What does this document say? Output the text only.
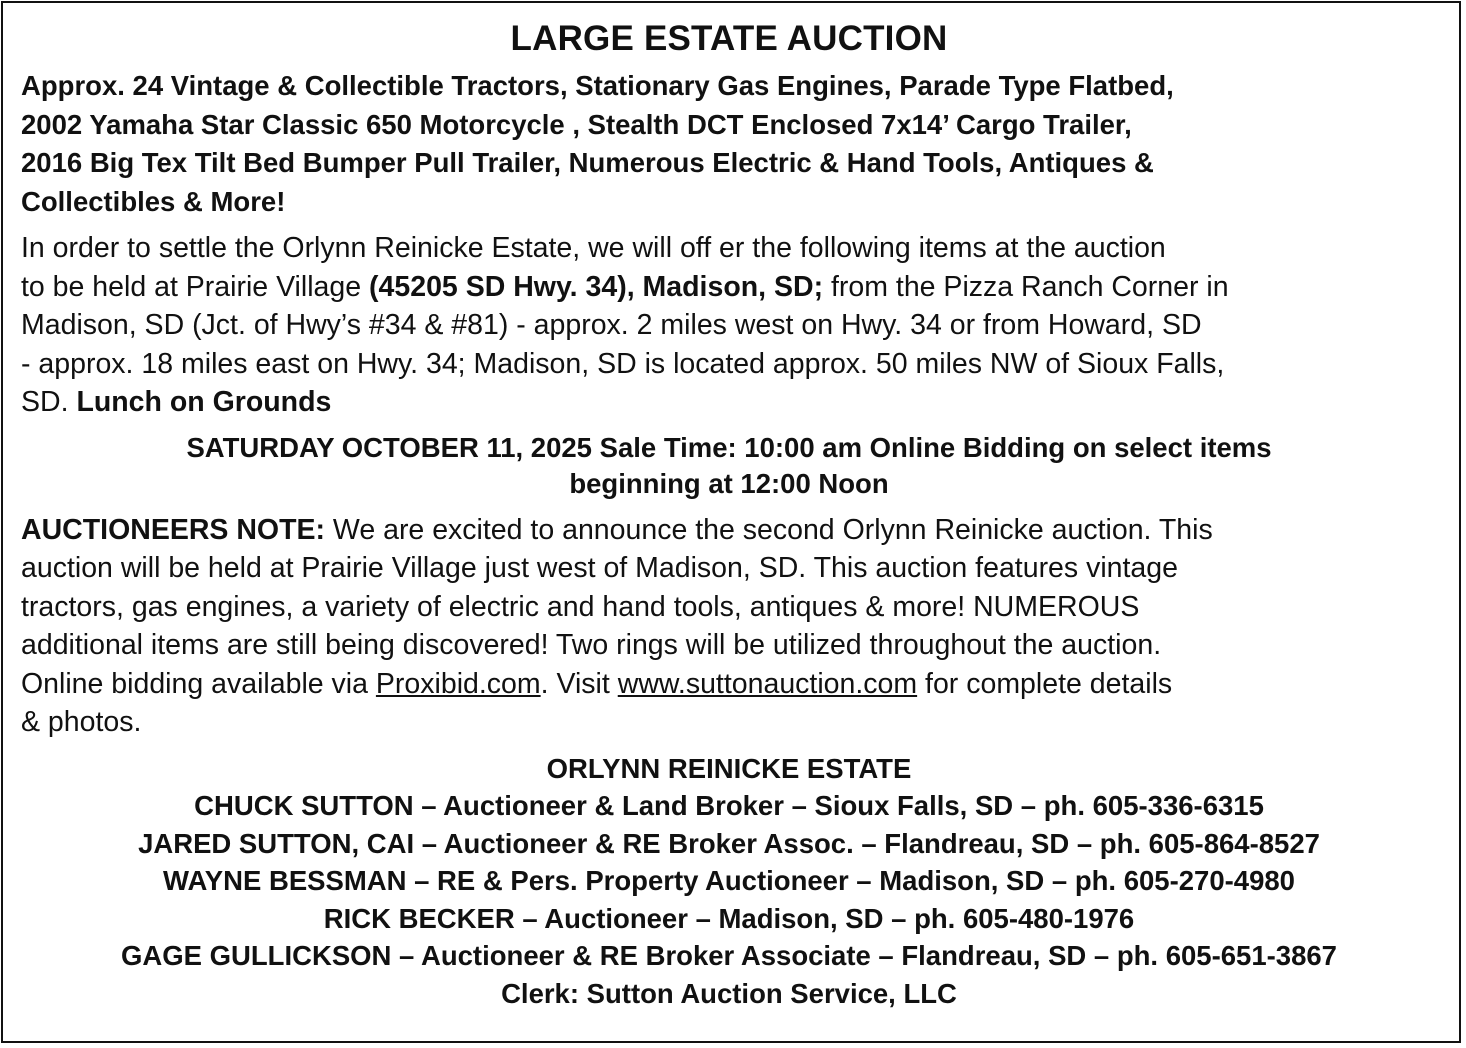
LARGE ESTATE AUCTION
Approx. 24 Vintage & Collectible Tractors, Stationary Gas Engines, Parade Type Flatbed,
2002 Yamaha Star Classic 650 Motorcycle , Stealth DCT Enclosed 7x14’ Cargo Trailer,
2016 Big Tex Tilt Bed Bumper Pull Trailer, Numerous Electric & Hand Tools, Antiques &
Collectibles & More!
In order to settle the Orlynn Reinicke Estate, we will off er the following items at the auction
to be held at Prairie Village (45205 SD Hwy. 34), Madison, SD; from the Pizza Ranch Corner in
Madison, SD (Jct. of Hwy’s #34 & #81) - approx. 2 miles west on Hwy. 34 or from Howard, SD
- approx. 18 miles east on Hwy. 34; Madison, SD is located approx. 50 miles NW of Sioux Falls,
SD. Lunch on Grounds
SATURDAY OCTOBER 11, 2025 Sale Time: 10:00 am Online Bidding on select items
beginning at 12:00 Noon
AUCTIONEERS NOTE: We are excited to announce the second Orlynn Reinicke auction. This
auction will be held at Prairie Village just west of Madison, SD. This auction features vintage
tractors, gas engines, a variety of electric and hand tools, antiques & more! NUMEROUS
additional items are still being discovered! Two rings will be utilized throughout the auction.
Online bidding available via Proxibid.com. Visit www.suttonauction.com for complete details
& photos.
ORLYNN REINICKE ESTATE
CHUCK SUTTON – Auctioneer & Land Broker – Sioux Falls, SD – ph. 605-336-6315
JARED SUTTON, CAI – Auctioneer & RE Broker Assoc. – Flandreau, SD – ph. 605-864-8527
WAYNE BESSMAN – RE & Pers. Property Auctioneer – Madison, SD – ph. 605-270-4980
RICK BECKER – Auctioneer – Madison, SD – ph. 605-480-1976
GAGE GULLICKSON – Auctioneer & RE Broker Associate – Flandreau, SD – ph. 605-651-3867
Clerk: Sutton Auction Service, LLC
